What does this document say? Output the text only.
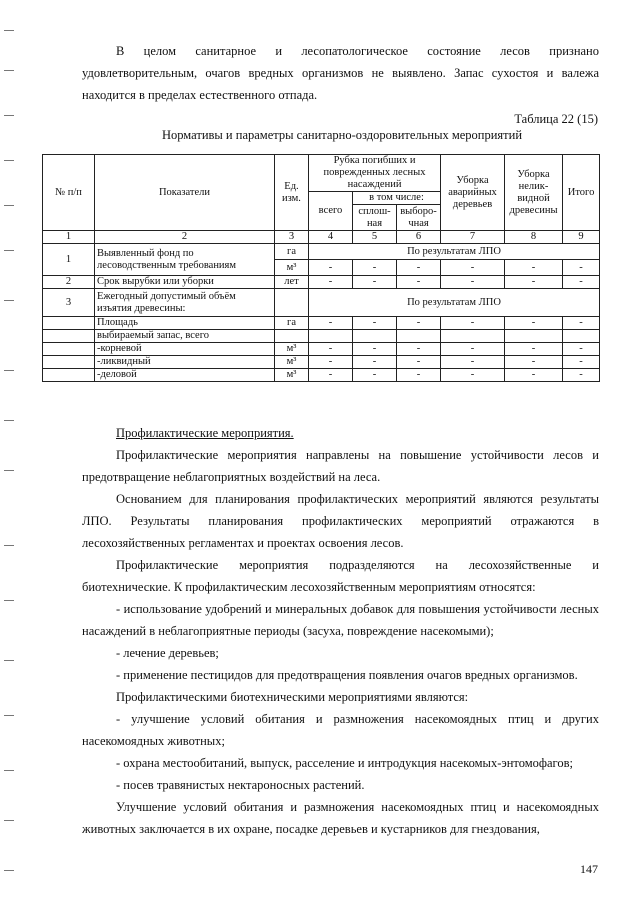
В целом санитарное и лесопатологическое состояние лесов признано удовлетворительным, очагов вредных организмов не выявлено. Запас сухостоя и валежа находится в пределах естественного отпада.

Таблица 22 (15)
Нормативы и параметры санитарно-оздоровительных мероприятий
№ п/п	Показатели	Ед. изм.	Рубка погибших и поврежденных лесных насаждений			Уборка аварийных деревьев	Уборка нелик-видной древесины	Итого
			всего	в том числе:				
				сплош-ная	выборо-чная			
1	2	3	4	5	6	7	8	9
1	Выявленный фонд по лесоводственным требованиям	га	По результатам ЛПО					
		м³	-	-	-	-	-	-
2	Срок вырубки или уборки	лет	-	-	-	-	-	-
3	Ежегодный допустимый объём изъятия древесины:		По результатам ЛПО					
	Площадь	га	-	-	-	-	-	-
	выбираемый запас, всего							
	-корневой	м³	-	-	-	-	-	-
	-ликвидный	м³	-	-	-	-	-	-
	-деловой	м³	-	-	-	-	-	-

Профилактические мероприятия.

Профилактические мероприятия направлены на повышение устойчивости лесов и предотвращение неблагоприятных воздействий на леса.

Основанием для планирования профилактических мероприятий являются результаты ЛПО. Результаты планирования профилактических мероприятий отражаются в лесохозяйственных регламентах и проектах освоения лесов.

Профилактические мероприятия подразделяются на лесохозяйственные и биотехнические. К профилактическим лесохозяйственным мероприятиям относятся:

- использование удобрений и минеральных добавок для повышения устойчивости лесных насаждений в неблагоприятные периоды (засуха, повреждение насекомыми);

- лечение деревьев;

- применение пестицидов для предотвращения появления очагов вредных организмов.

Профилактическими биотехническими мероприятиями являются:

- улучшение условий обитания и размножения насекомоядных птиц и других насекомоядных животных;

- охрана местообитаний, выпуск, расселение и интродукция насекомых-энтомофагов;

- посев травянистых нектароносных растений.

Улучшение условий обитания и размножения насекомоядных птиц и насекомоядных животных заключается в их охране, посадке деревьев и кустарников для гнездования,

147
